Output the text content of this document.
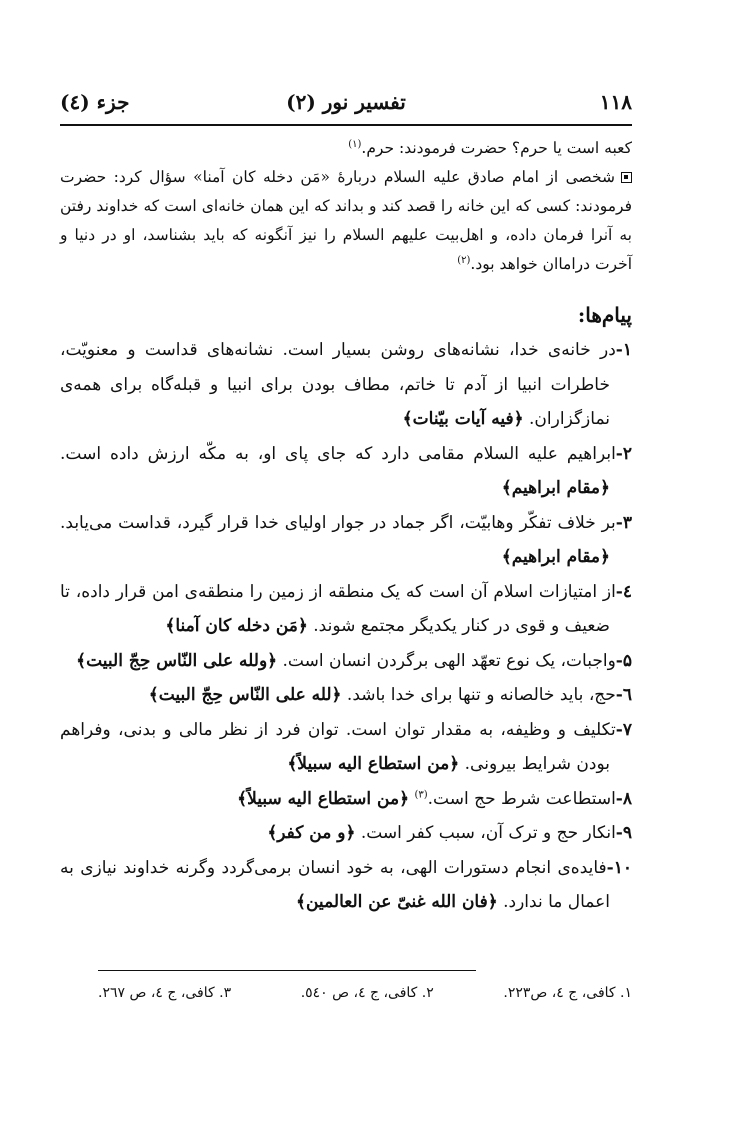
۱۱۸
تفسیر نور (۲)
جزء (٤)

کعبه است یا حرم؟ حضرت فرمودند: حرم.$^{(۱)}$

شخصی از امام صادق علیه السلام دربارهٔ «مَن دخله کان آمنا» سؤال کرد: حضرت فرمودند: کسی که این خانه را قصد کند و بداند که این همان خانه‌ای است که خداوند رفتن به آنرا فرمان داده، و اهل‌بیت علیهم السلام را نیز آنگونه که باید بشناسد، او در دنیا و آخرت دراماان خواهد بود.$^{(۲)}$

پیام‌ها:

۱-در خانه‌ی خدا، نشانه‌های روشن بسیار است. نشانه‌های قداست و معنویّت، خاطرات انبیا از آدم تا خاتم، مطاف بودن برای انبیا و قبله‌گاه برای همه‌ی نمازگزاران. ﴿فیه آیات بیّنات﴾

۲-ابراهیم علیه السلام مقامی دارد که جای پای او، به مکّه ارزش داده است. ﴿مقام ابراهیم﴾

۳-بر خلاف تفکّر وهابیّت، اگر جماد در جوار اولیای خدا قرار گیرد، قداست می‌یابد. ﴿مقام ابراهیم﴾

٤-از امتیازات اسلام آن است که یک منطقه از زمین را منطقه‌ی امن قرار داده، تا ضعیف و قوی در کنار یکدیگر مجتمع شوند. ﴿مَن دخله کان آمنا﴾

۵-واجبات، یک نوع تعهّد الهی برگردن انسان است. ﴿ولله علی النّاس حِجّ البیت﴾

٦-حج، باید خالصانه و تنها برای خدا باشد. ﴿لله علی النّاس حِجّ البیت﴾

۷-تکلیف و وظیفه، به مقدار توان است. توان فرد از نظر مالی و بدنی، وفراهم بودن شرایط بیرونی. ﴿من استطاع الیه سبیلاً﴾

۸-استطاعت شرط حج است.$^{(۳)}$ ﴿من استطاع الیه سبیلاً﴾

۹-انکار حج و ترک آن، سبب کفر است. ﴿و من کفر﴾

۱۰-فایده‌ی انجام دستورات الهی، به خود انسان برمی‌گردد وگرنه خداوند نیازی به اعمال ما ندارد. ﴿فان الله غنیّ عن العالمین﴾

۱. کافی، ج ٤، ص۲۲۳.
۲. کافی، ج ٤، ص ٥٤٠.
۳. کافی، ج ٤، ص ۲٦۷.
